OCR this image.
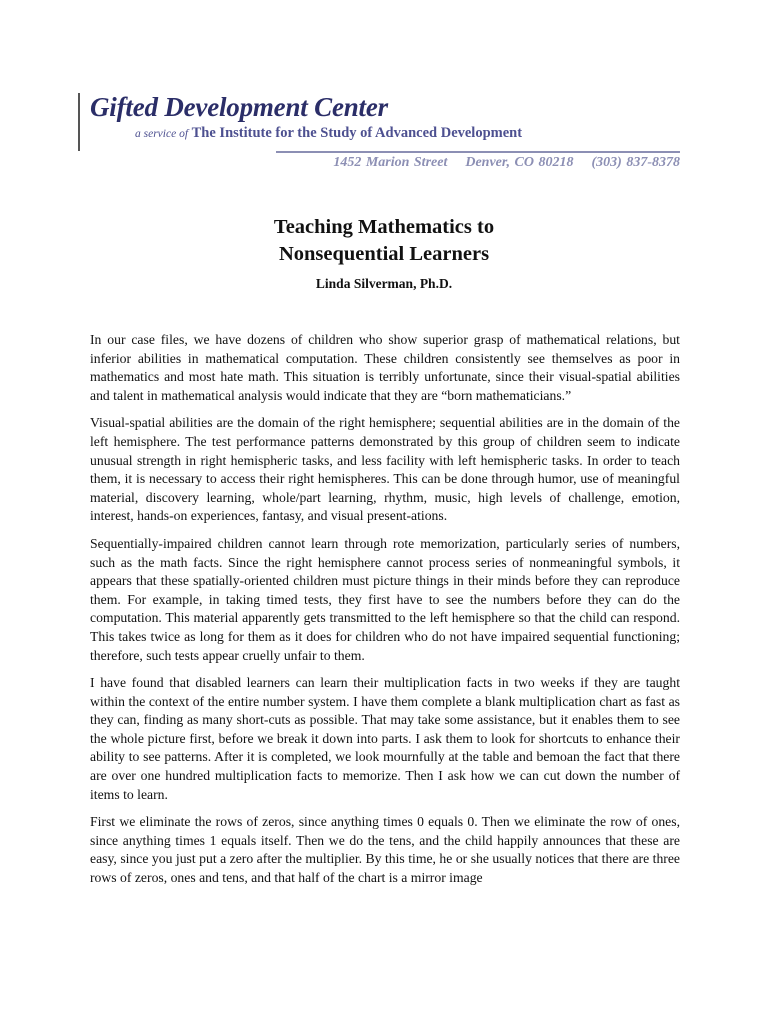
Gifted Development Center
a service of The Institute for the Study of Advanced Development
1452 Marion Street    Denver, CO 80218    (303) 837-8378
Teaching Mathematics to
Nonsequential Learners
Linda Silverman, Ph.D.

In our case files, we have dozens of children who show superior grasp of mathematical relations, but inferior abilities in mathematical computation. These children consistently see themselves as poor in mathematics and most hate math. This situation is terribly unfortunate, since their visual-spatial abilities and talent in mathematical analysis would indicate that they are “born mathematicians.”

Visual-spatial abilities are the domain of the right hemisphere; sequential abilities are in the domain of the left hemisphere. The test performance patterns demonstrated by this group of children seem to indicate unusual strength in right hemispheric tasks, and less facility with left hemispheric tasks. In order to teach them, it is necessary to access their right hemispheres. This can be done through humor, use of meaningful material, discovery learning, whole/part learning, rhythm, music, high levels of challenge, emotion, interest, hands-on experiences, fantasy, and visual present-ations.

Sequentially-impaired children cannot learn through rote memorization, particularly series of numbers, such as the math facts. Since the right hemisphere cannot process series of nonmeaningful symbols, it appears that these spatially-oriented children must picture things in their minds before they can reproduce them. For example, in taking timed tests, they first have to see the numbers before they can do the computation. This material apparently gets transmitted to the left hemisphere so that the child can respond. This takes twice as long for them as it does for children who do not have impaired sequential functioning; therefore, such tests appear cruelly unfair to them.

I have found that disabled learners can learn their multiplication facts in two weeks if they are taught within the context of the entire number system. I have them complete a blank multiplication chart as fast as they can, finding as many short-cuts as possible. That may take some assistance, but it enables them to see the whole picture first, before we break it down into parts. I ask them to look for shortcuts to enhance their ability to see patterns. After it is completed, we look mournfully at the table and bemoan the fact that there are over one hundred multiplication facts to memorize. Then I ask how we can cut down the number of items to learn.

First we eliminate the rows of zeros, since anything times 0 equals 0. Then we eliminate the row of ones, since anything times 1 equals itself. Then we do the tens, and the child happily announces that these are easy, since you just put a zero after the multiplier. By this time, he or she usually notices that there are three rows of zeros, ones and tens, and that half of the chart is a mirror image
